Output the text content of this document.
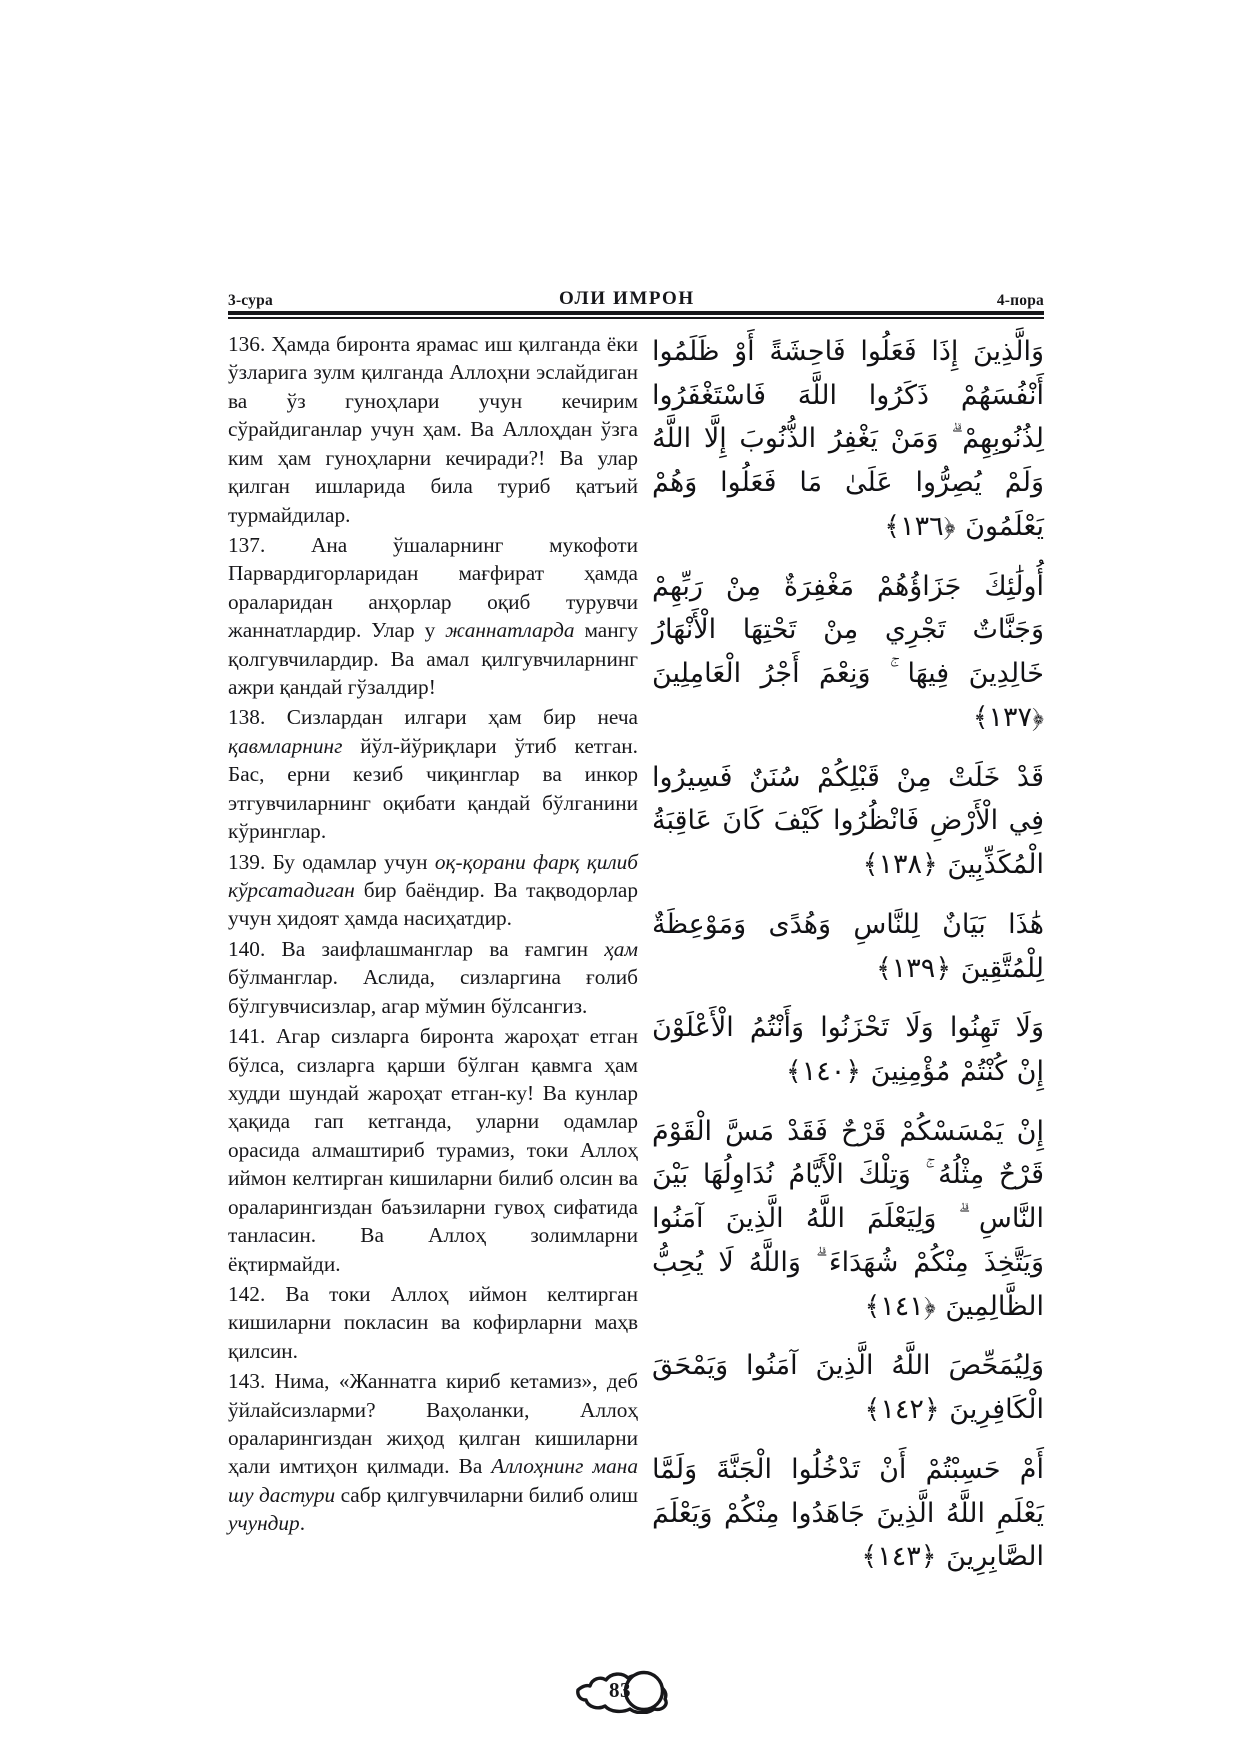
3-сура	ОЛИ ИМРОН	4-пора

136. Ҳамда биронта ярамас иш қилганда ёки ўзларига зулм қилганда Аллоҳни эслайдиган ва ўз гуноҳлари учун кечирим сўрайдиганлар учун ҳам. Ва Аллоҳдан ўзга ким ҳам гуноҳларни кечиради?! Ва улар қилган ишларида била туриб қатъий турмайдилар.

137. Ана ўшаларнинг мукофоти Парвардигорларидан мағфират ҳамда ораларидан анҳорлар оқиб турувчи жаннатлардир. Улар у жаннатларда мангу қолгувчилардир. Ва амал қилгувчиларнинг ажри қандай гўзалдир!

138. Сизлардан илгари ҳам бир неча қавмларнинг йўл-йўриқлари ўтиб кетган. Бас, ерни кезиб чиқинглар ва инкор этгувчиларнинг оқибати қандай бўлганини кўринглар.

139. Бу одамлар учун оқ-қорани фарқ қилиб кўрсатадиган бир баёндир. Ва тақводорлар учун ҳидоят ҳамда насиҳатдир.

140. Ва заифлашманглар ва ғамгин ҳам бўлманглар. Аслида, сизларгина ғолиб бўлгувчисизлар, агар мўмин бўлсангиз.

141. Агар сизларга биронта жароҳат етган бўлса, сизларга қарши бўлган қавмга ҳам худди шундай жароҳат етган-ку! Ва кунлар ҳақида гап кетганда, уларни одамлар орасида алмаштириб турамиз, токи Аллоҳ иймон келтирган кишиларни билиб олсин ва ораларингиздан баъзиларни гувоҳ сифатида танласин. Ва Аллоҳ золимларни ёқтирмайди.

142. Ва токи Аллоҳ иймон келтирган кишиларни покласин ва кофирларни маҳв қилсин.

143. Нима, «Жаннатга кириб кетамиз», деб ўйлайсизларми? Ваҳоланки, Аллоҳ ораларингиздан жиҳод қилган кишиларни ҳали имтиҳон қилмади. Ва Аллоҳнинг мана шу дастури сабр қилгувчиларни билиб олиш учундир.

وَالَّذِينَ إِذَا فَعَلُوا فَاحِشَةً أَوْ ظَلَمُوا أَنْفُسَهُمْ ذَكَرُوا اللَّهَ فَاسْتَغْفَرُوا لِذُنُوبِهِمْ ۗ وَمَنْ يَغْفِرُ الذُّنُوبَ إِلَّا اللَّهُ وَلَمْ يُصِرُّوا عَلَىٰ مَا فَعَلُوا وَهُمْ يَعْلَمُونَ ﴿١٣٦﴾

أُولَٰئِكَ جَزَاؤُهُمْ مَغْفِرَةٌ مِنْ رَبِّهِمْ وَجَنَّاتٌ تَجْرِي مِنْ تَحْتِهَا الْأَنْهَارُ خَالِدِينَ فِيهَا ۚ وَنِعْمَ أَجْرُ الْعَامِلِينَ ﴿١٣٧﴾

قَدْ خَلَتْ مِنْ قَبْلِكُمْ سُنَنٌ فَسِيرُوا فِي الْأَرْضِ فَانْظُرُوا كَيْفَ كَانَ عَاقِبَةُ الْمُكَذِّبِينَ ﴿١٣٨﴾

هَٰذَا بَيَانٌ لِلنَّاسِ وَهُدًى وَمَوْعِظَةٌ لِلْمُتَّقِينَ ﴿١٣٩﴾

وَلَا تَهِنُوا وَلَا تَحْزَنُوا وَأَنْتُمُ الْأَعْلَوْنَ إِنْ كُنْتُمْ مُؤْمِنِينَ ﴿١٤٠﴾

إِنْ يَمْسَسْكُمْ قَرْحٌ فَقَدْ مَسَّ الْقَوْمَ قَرْحٌ مِثْلُهُ ۚ وَتِلْكَ الْأَيَّامُ نُدَاوِلُهَا بَيْنَ النَّاسِ ۗ وَلِيَعْلَمَ اللَّهُ الَّذِينَ آمَنُوا وَيَتَّخِذَ مِنْكُمْ شُهَدَاءَ ۗ وَاللَّهُ لَا يُحِبُّ الظَّالِمِينَ ﴿١٤١﴾

وَلِيُمَحِّصَ اللَّهُ الَّذِينَ آمَنُوا وَيَمْحَقَ الْكَافِرِينَ ﴿١٤٢﴾

أَمْ حَسِبْتُمْ أَنْ تَدْخُلُوا الْجَنَّةَ وَلَمَّا يَعْلَمِ اللَّهُ الَّذِينَ جَاهَدُوا مِنْكُمْ وَيَعْلَمَ الصَّابِرِينَ ﴿١٤٣﴾

83
